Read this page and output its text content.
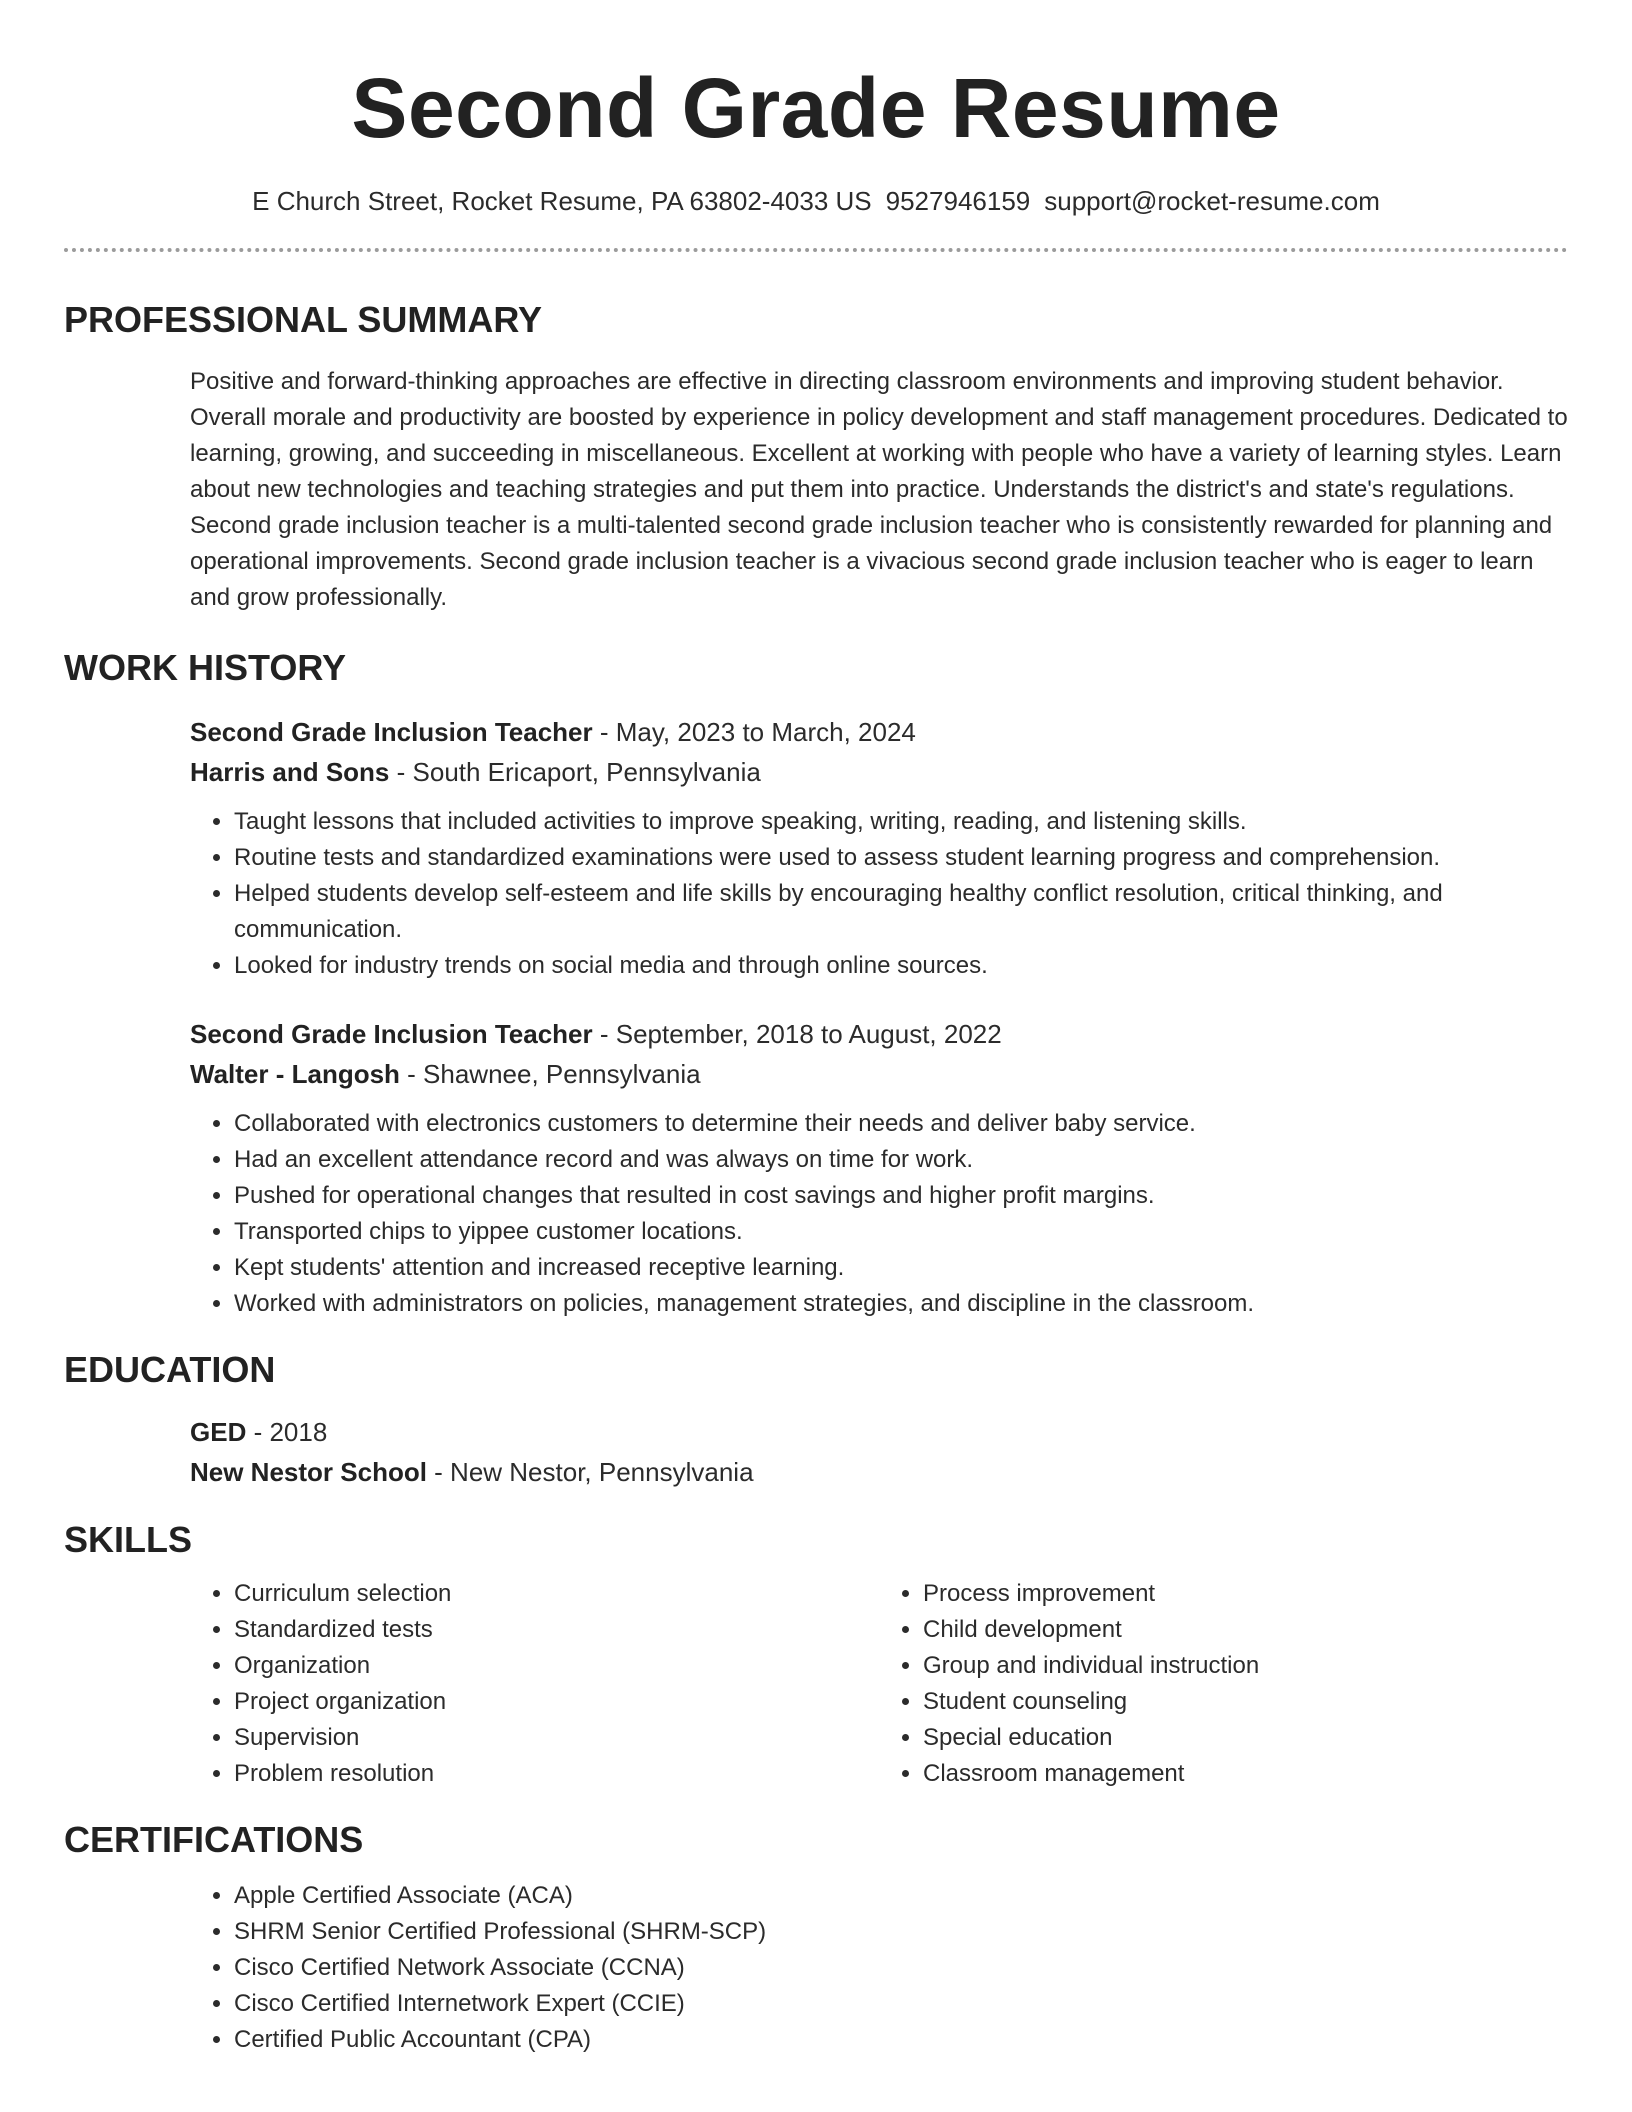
Second Grade Resume
E Church Street, Rocket Resume, PA 63802-4033 US 9527946159 support@rocket-resume.com
PROFESSIONAL SUMMARY

Positive and forward-thinking approaches are effective in directing classroom environments and improving student behavior. Overall morale and productivity are boosted by experience in policy development and staff management procedures. Dedicated to learning, growing, and succeeding in miscellaneous. Excellent at working with people who have a variety of learning styles. Learn about new technologies and teaching strategies and put them into practice. Understands the district's and state's regulations. Second grade inclusion teacher is a multi-talented second grade inclusion teacher who is consistently rewarded for planning and operational improvements. Second grade inclusion teacher is a vivacious second grade inclusion teacher who is eager to learn and grow professionally.

WORK HISTORY
Second Grade Inclusion Teacher - May, 2023 to March, 2024
Harris and Sons - South Ericaport, Pennsylvania
• Taught lessons that included activities to improve speaking, writing, reading, and listening skills.
• Routine tests and standardized examinations were used to assess student learning progress and comprehension.
• Helped students develop self-esteem and life skills by encouraging healthy conflict resolution, critical thinking, and communication.
• Looked for industry trends on social media and through online sources.
Second Grade Inclusion Teacher - September, 2018 to August, 2022
Walter - Langosh - Shawnee, Pennsylvania
• Collaborated with electronics customers to determine their needs and deliver baby service.
• Had an excellent attendance record and was always on time for work.
• Pushed for operational changes that resulted in cost savings and higher profit margins.
• Transported chips to yippee customer locations.
• Kept students' attention and increased receptive learning.
• Worked with administrators on policies, management strategies, and discipline in the classroom.
EDUCATION
GED - 2018
New Nestor School - New Nestor, Pennsylvania
SKILLS
• Curriculum selection
• Standardized tests
• Organization
• Project organization
• Supervision
• Problem resolution
• Process improvement
• Child development
• Group and individual instruction
• Student counseling
• Special education
• Classroom management
CERTIFICATIONS
• Apple Certified Associate (ACA)
• SHRM Senior Certified Professional (SHRM-SCP)
• Cisco Certified Network Associate (CCNA)
• Cisco Certified Internetwork Expert (CCIE)
• Certified Public Accountant (CPA)
